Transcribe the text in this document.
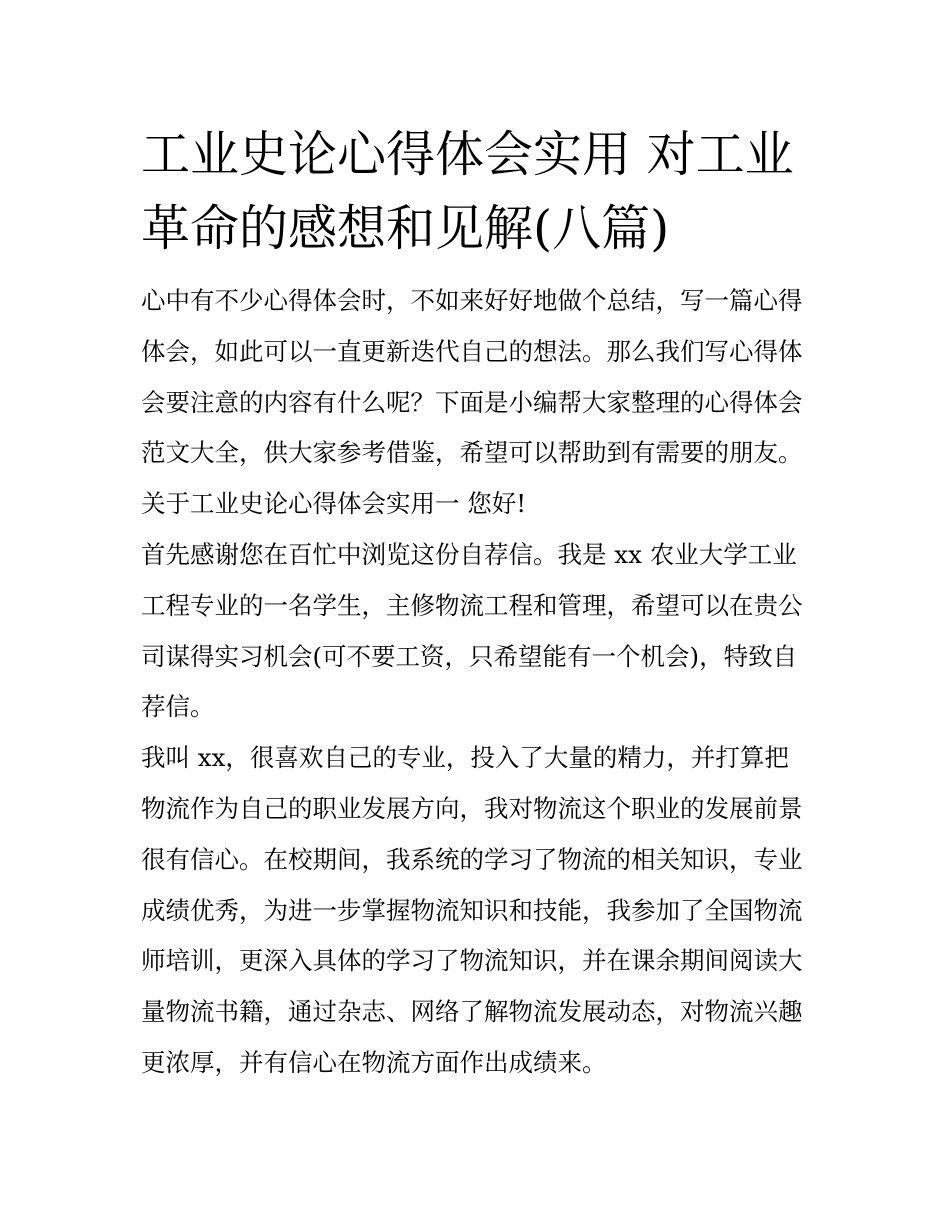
工业史论心得体会实用 对工业
革命的感想和见解(八篇)

心中有不少心得体会时，不如来好好地做个总结，写一篇心得
体会，如此可以一直更新迭代自己的想法。那么我们写心得体
会要注意的内容有什么呢？下面是小编帮大家整理的心得体会
范文大全，供大家参考借鉴，希望可以帮助到有需要的朋友。

关于工业史论心得体会实用一 您好!

首先感谢您在百忙中浏览这份自荐信。我是 xx 农业大学工业
工程专业的一名学生，主修物流工程和管理，希望可以在贵公
司谋得实习机会(可不要工资，只希望能有一个机会)，特致自
荐信。

我叫 xx，很喜欢自己的专业，投入了大量的精力，并打算把
物流作为自己的职业发展方向，我对物流这个职业的发展前景
很有信心。在校期间，我系统的学习了物流的相关知识，专业
成绩优秀，为进一步掌握物流知识和技能，我参加了全国物流
师培训，更深入具体的学习了物流知识，并在课余期间阅读大
量物流书籍，通过杂志、网络了解物流发展动态，对物流兴趣
更浓厚，并有信心在物流方面作出成绩来。
